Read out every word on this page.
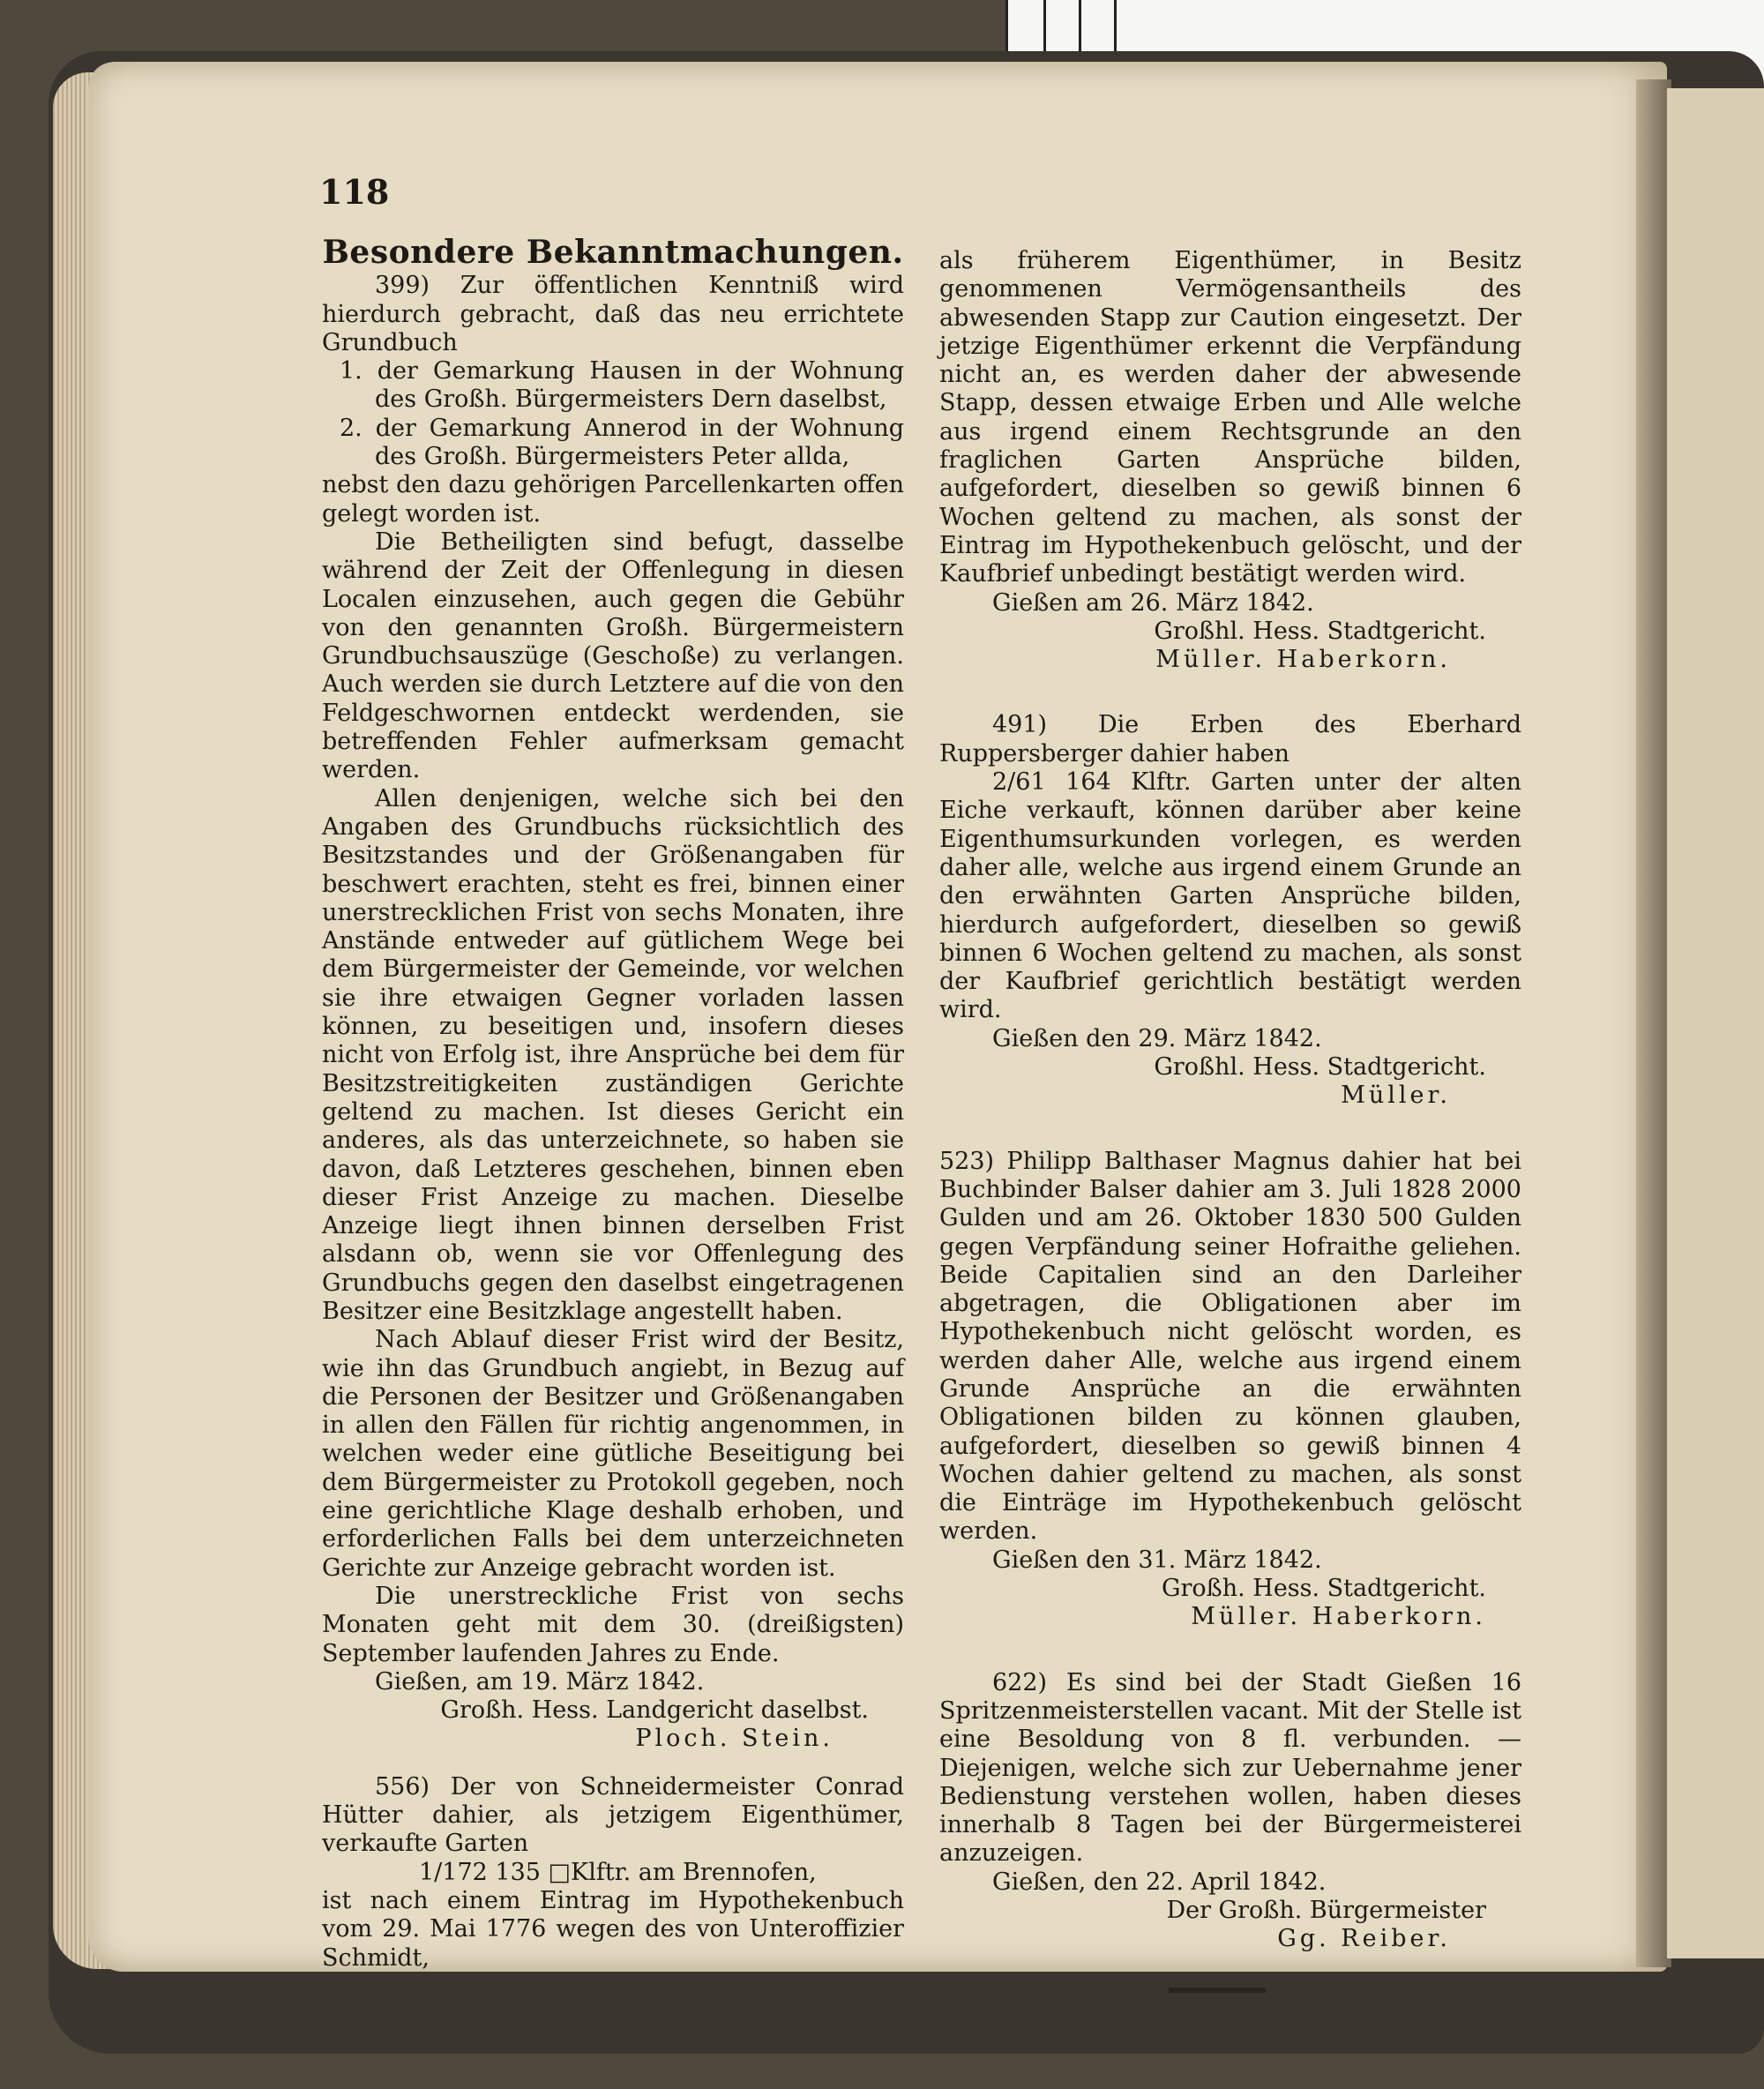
118
Besondere Bekanntmachungen.

399) Zur öffentlichen Kenntniß wird hierdurch gebracht, daß das neu errichtete Grundbuch

1. der Gemarkung Hausen in der Wohnung des Großh. Bürgermeisters Dern daselbst,

2. der Gemarkung Annerod in der Wohnung des Großh. Bürgermeisters Peter allda,

nebst den dazu gehörigen Parcellenkarten offen gelegt worden ist.

Die Betheiligten sind befugt, dasselbe während der Zeit der Offenlegung in diesen Localen einzusehen, auch gegen die Gebühr von den genannten Großh. Bürgermeistern Grundbuchsauszüge (Geschoße) zu verlangen. Auch werden sie durch Letztere auf die von den Feldgeschwornen entdeckt werdenden, sie betreffenden Fehler aufmerksam gemacht werden.

Allen denjenigen, welche sich bei den Angaben des Grundbuchs rücksichtlich des Besitzstandes und der Größenangaben für beschwert erachten, steht es frei, binnen einer unerstrecklichen Frist von sechs Monaten, ihre Anstände entweder auf gütlichem Wege bei dem Bürgermeister der Gemeinde, vor welchen sie ihre etwaigen Gegner vorladen lassen können, zu beseitigen und, insofern dieses nicht von Erfolg ist, ihre Ansprüche bei dem für Besitzstreitigkeiten zuständigen Gerichte geltend zu machen. Ist dieses Gericht ein anderes, als das unterzeichnete, so haben sie davon, daß Letzteres geschehen, binnen eben dieser Frist Anzeige zu machen. Dieselbe Anzeige liegt ihnen binnen derselben Frist alsdann ob, wenn sie vor Offenlegung des Grundbuchs gegen den daselbst eingetragenen Besitzer eine Besitzklage angestellt haben.

Nach Ablauf dieser Frist wird der Besitz, wie ihn das Grundbuch angiebt, in Bezug auf die Personen der Besitzer und Größenangaben in allen den Fällen für richtig angenommen, in welchen weder eine gütliche Beseitigung bei dem Bürgermeister zu Protokoll gegeben, noch eine gerichtliche Klage deshalb erhoben, und erforderlichen Falls bei dem unterzeichneten Gerichte zur Anzeige gebracht worden ist.

Die unerstreckliche Frist von sechs Monaten geht mit dem 30. (dreißigsten) September laufenden Jahres zu Ende.

Gießen, am 19. März 1842.

Großh. Hess. Landgericht daselbst.

Ploch. Stein.

556) Der von Schneidermeister Conrad Hütter dahier, als jetzigem Eigenthümer, verkaufte Garten

1/172 135 □Klftr. am Brennofen,

ist nach einem Eintrag im Hypothekenbuch vom 29. Mai 1776 wegen des von Unteroffizier Schmidt,

als früherem Eigenthümer, in Besitz genommenen Vermögensantheils des abwesenden Stapp zur Caution eingesetzt. Der jetzige Eigenthümer erkennt die Verpfändung nicht an, es werden daher der abwesende Stapp, dessen etwaige Erben und Alle welche aus irgend einem Rechtsgrunde an den fraglichen Garten Ansprüche bilden, aufgefordert, dieselben so gewiß binnen 6 Wochen geltend zu machen, als sonst der Eintrag im Hypothekenbuch gelöscht, und der Kaufbrief unbedingt bestätigt werden wird.

Gießen am 26. März 1842.

Großhl. Hess. Stadtgericht.

Müller. Haberkorn.

491) Die Erben des Eberhard Ruppersberger dahier haben

2/61 164 Klftr. Garten unter der alten Eiche verkauft, können darüber aber keine Eigenthumsurkunden vorlegen, es werden daher alle, welche aus irgend einem Grunde an den erwähnten Garten Ansprüche bilden, hierdurch aufgefordert, dieselben so gewiß binnen 6 Wochen geltend zu machen, als sonst der Kaufbrief gerichtlich bestätigt werden wird.

Gießen den 29. März 1842.

Großhl. Hess. Stadtgericht.

Müller.

523) Philipp Balthaser Magnus dahier hat bei Buchbinder Balser dahier am 3. Juli 1828 2000 Gulden und am 26. Oktober 1830 500 Gulden gegen Verpfändung seiner Hofraithe geliehen. Beide Capitalien sind an den Darleiher abgetragen, die Obligationen aber im Hypothekenbuch nicht gelöscht worden, es werden daher Alle, welche aus irgend einem Grunde Ansprüche an die erwähnten Obligationen bilden zu können glauben, aufgefordert, dieselben so gewiß binnen 4 Wochen dahier geltend zu machen, als sonst die Einträge im Hypothekenbuch gelöscht werden.

Gießen den 31. März 1842.

Großh. Hess. Stadtgericht.

Müller. Haberkorn.

622) Es sind bei der Stadt Gießen 16 Spritzenmeisterstellen vacant. Mit der Stelle ist eine Besoldung von 8 fl. verbunden. — Diejenigen, welche sich zur Uebernahme jener Bedienstung verstehen wollen, haben dieses innerhalb 8 Tagen bei der Bürgermeisterei anzuzeigen.

Gießen, den 22. April 1842.

Der Großh. Bürgermeister

Gg. Reiber.
